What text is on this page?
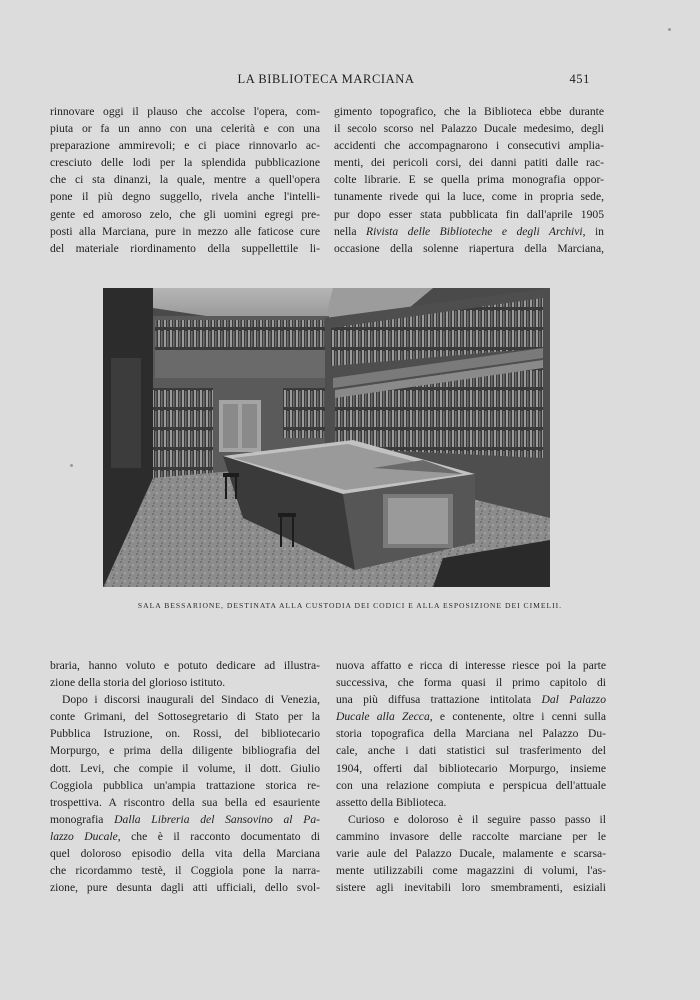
LA BIBLIOTECA MARCIANA	451
rinnovare oggi il plauso che accolse l'opera, com-
piuta or fa un anno con una celerità e con una
preparazione ammirevoli; e ci piace rinnovarlo ac-
cresciuto delle lodi per la splendida pubblicazione
che ci sta dinanzi, la quale, mentre a quell'opera
pone il più degno suggello, rivela anche l'intelli-
gente ed amoroso zelo, che gli uomini egregi pre-
posti alla Marciana, pure in mezzo alle faticose cure
del materiale riordinamento della suppellettile li-
gimento topografico, che la Biblioteca ebbe durante
il secolo scorso nel Palazzo Ducale medesimo, degli
accidenti che accompagnarono i consecutivi amplia-
menti, dei pericoli corsi, dei danni patiti dalle rac-
colte librarie. E se quella prima monografia oppor-
tunamente rivede qui la luce, come in propria sede,
pur dopo esser stata pubblicata fin dall'aprile 1905
nella Rivista delle Biblioteche e degli Archivi, in
occasione della solenne riapertura della Marciana,
SALA BESSARIONE, DESTINATA ALLA CUSTODIA DEI CODICI E ALLA ESPOSIZIONE DEI CIMELII.
braria, hanno voluto e potuto dedicare ad illustra-
zione della storia del glorioso istituto.
Dopo i discorsi inaugurali del Sindaco di Venezia,
conte Grimani, del Sottosegretario di Stato per la
Pubblica Istruzione, on. Rossi, del bibliotecario
Morpurgo, e prima della diligente bibliografia del
dott. Levi, che compie il volume, il dott. Giulio
Coggiola pubblica un'ampia trattazione storica re-
trospettiva. A riscontro della sua bella ed esauriente
monografia Dalla Libreria del Sansovino al Pa-
lazzo Ducale, che è il racconto documentato di
quel doloroso episodio della vita della Marciana
che ricordammo testè, il Coggiola pone la narra-
zione, pure desunta dagli atti ufficiali, dello svol-
nuova affatto e ricca di interesse riesce poi la parte
successiva, che forma quasi il primo capitolo di
una più diffusa trattazione intitolata Dal Palazzo
Ducale alla Zecca, e contenente, oltre i cenni sulla
storia topografica della Marciana nel Palazzo Du-
cale, anche i dati statistici sul trasferimento del
1904, offerti dal bibliotecario Morpurgo, insieme
con una relazione compiuta e perspicua dell'attuale
assetto della Biblioteca.
Curioso e doloroso è il seguire passo passo il
cammino invasore delle raccolte marciane per le
varie aule del Palazzo Ducale, malamente e scarsa-
mente utilizzabili come magazzini di volumi, l'as-
sistere agli inevitabili loro smembramenti, esiziali
